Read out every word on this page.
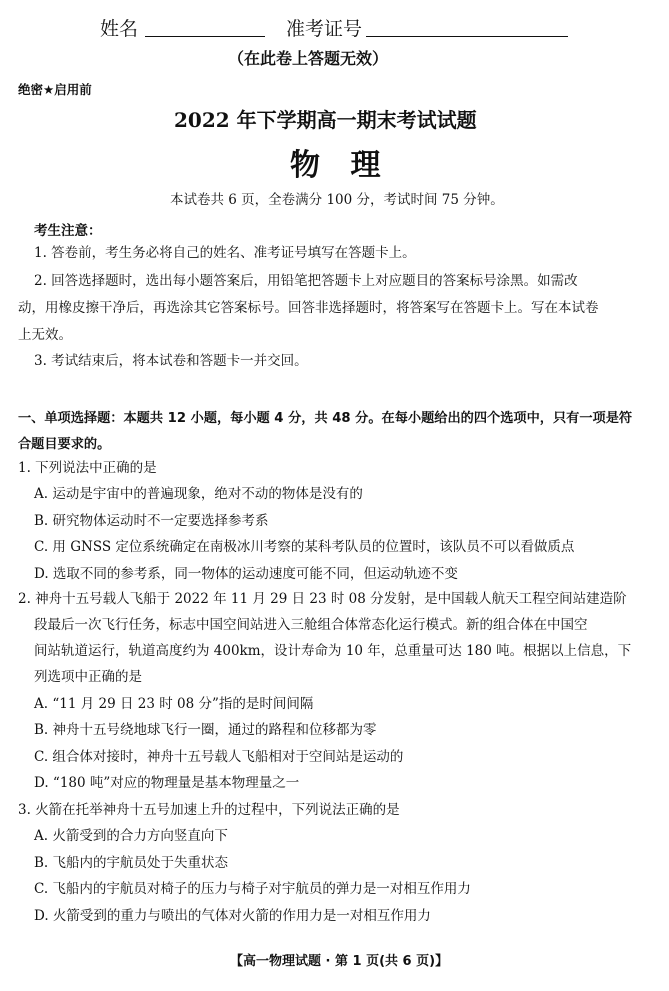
姓名	准考证号
（在此卷上答题无效）
绝密★启用前
2022 年下学期高一期末考试试题
物 理
本试卷共 6 页，全卷满分 100 分，考试时间 75 分钟。
考生注意：
1. 答卷前，考生务必将自己的姓名、准考证号填写在答题卡上。
2. 回答选择题时，选出每小题答案后，用铅笔把答题卡上对应题目的答案标号涂黑。如需改
动，用橡皮擦干净后，再选涂其它答案标号。回答非选择题时，将答案写在答题卡上。写在本试卷
上无效。
3. 考试结束后，将本试卷和答题卡一并交回。
一、单项选择题：本题共 12 小题，每小题 4 分，共 48 分。在每小题给出的四个选项中，只有一项是符
合题目要求的。
1. 下列说法中正确的是
A. 运动是宇宙中的普遍现象，绝对不动的物体是没有的
B. 研究物体运动时不一定要选择参考系
C. 用 GNSS 定位系统确定在南极冰川考察的某科考队员的位置时，该队员不可以看做质点
D. 选取不同的参考系，同一物体的运动速度可能不同，但运动轨迹不变
2. 神舟十五号载人飞船于 2022 年 11 月 29 日 23 时 08 分发射，是中国载人航天工程空间站建造阶
段最后一次飞行任务，标志中国空间站进入三舱组合体常态化运行模式。新的组合体在中国空
间站轨道运行，轨道高度约为 400km，设计寿命为 10 年，总重量可达 180 吨。根据以上信息，下
列选项中正确的是
A. “11 月 29 日 23 时 08 分”指的是时间间隔
B. 神舟十五号绕地球飞行一圈，通过的路程和位移都为零
C. 组合体对接时，神舟十五号载人飞船相对于空间站是运动的
D. “180 吨”对应的物理量是基本物理量之一
3. 火箭在托举神舟十五号加速上升的过程中，下列说法正确的是
A. 火箭受到的合力方向竖直向下
B. 飞船内的宇航员处于失重状态
C. 飞船内的宇航员对椅子的压力与椅子对宇航员的弹力是一对相互作用力
D. 火箭受到的重力与喷出的气体对火箭的作用力是一对相互作用力
【高一物理试题 · 第 1 页(共 6 页)】
